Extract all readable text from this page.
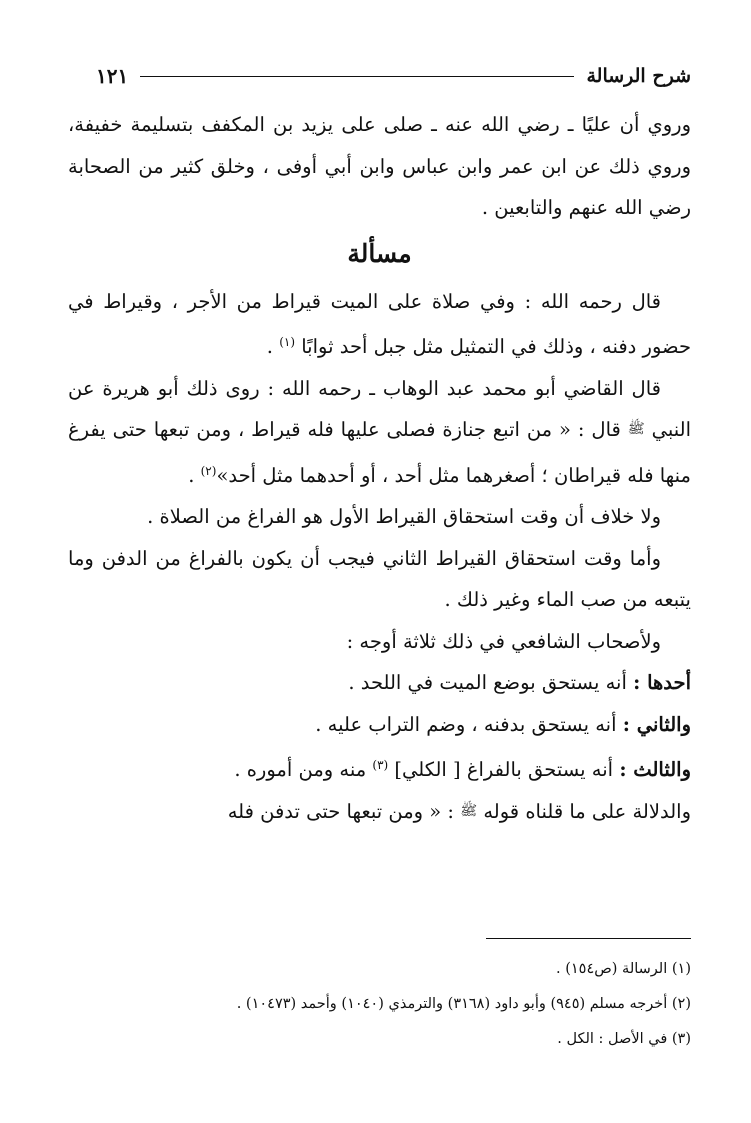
شرح الرسالة
١٢١

وروي أن عليًا ـ رضي الله عنه ـ صلى على يزيد بن المكفف بتسليمة خفيفة، وروي ذلك عن ابن عمر وابن عباس وابن أبي أوفى ، وخلق كثير من الصحابة رضي الله عنهم والتابعين .

مسألة

قال رحمه الله : وفي صلاة على الميت قيراط من الأجر ، وقيراط في حضور دفنه ، وذلك في التمثيل مثل جبل أحد ثوابًا $^{(١)}$ .

قال القاضي أبو محمد عبد الوهاب ـ رحمه الله : روى ذلك أبو هريرة عن النبي ﷺ قال : « من اتبع جنازة فصلى عليها فله قيراط ، ومن تبعها حتى يفرغ منها فله قيراطان ؛ أصغرهما مثل أحد ، أو أحدهما مثل أحد»$^{(٢)}$ .

ولا خلاف أن وقت استحقاق القيراط الأول هو الفراغ من الصلاة .

وأما وقت استحقاق القيراط الثاني فيجب أن يكون بالفراغ من الدفن وما يتبعه من صب الماء وغير ذلك .

ولأصحاب الشافعي في ذلك ثلاثة أوجه :

أحدها : أنه يستحق بوضع الميت في اللحد .

والثاني : أنه يستحق بدفنه ، وضم التراب عليه .

والثالث : أنه يستحق بالفراغ [ الكلي] $^{(٣)}$ منه ومن أموره .

والدلالة على ما قلناه قوله ﷺ : « ومن تبعها حتى تدفن فله

(١) الرسالة (ص١٥٤) .

(٢) أخرجه مسلم (٩٤٥) وأبو داود (٣١٦٨) والترمذي (١٠٤٠) وأحمد (١٠٤٧٣) .

(٣) في الأصل : الكل .
